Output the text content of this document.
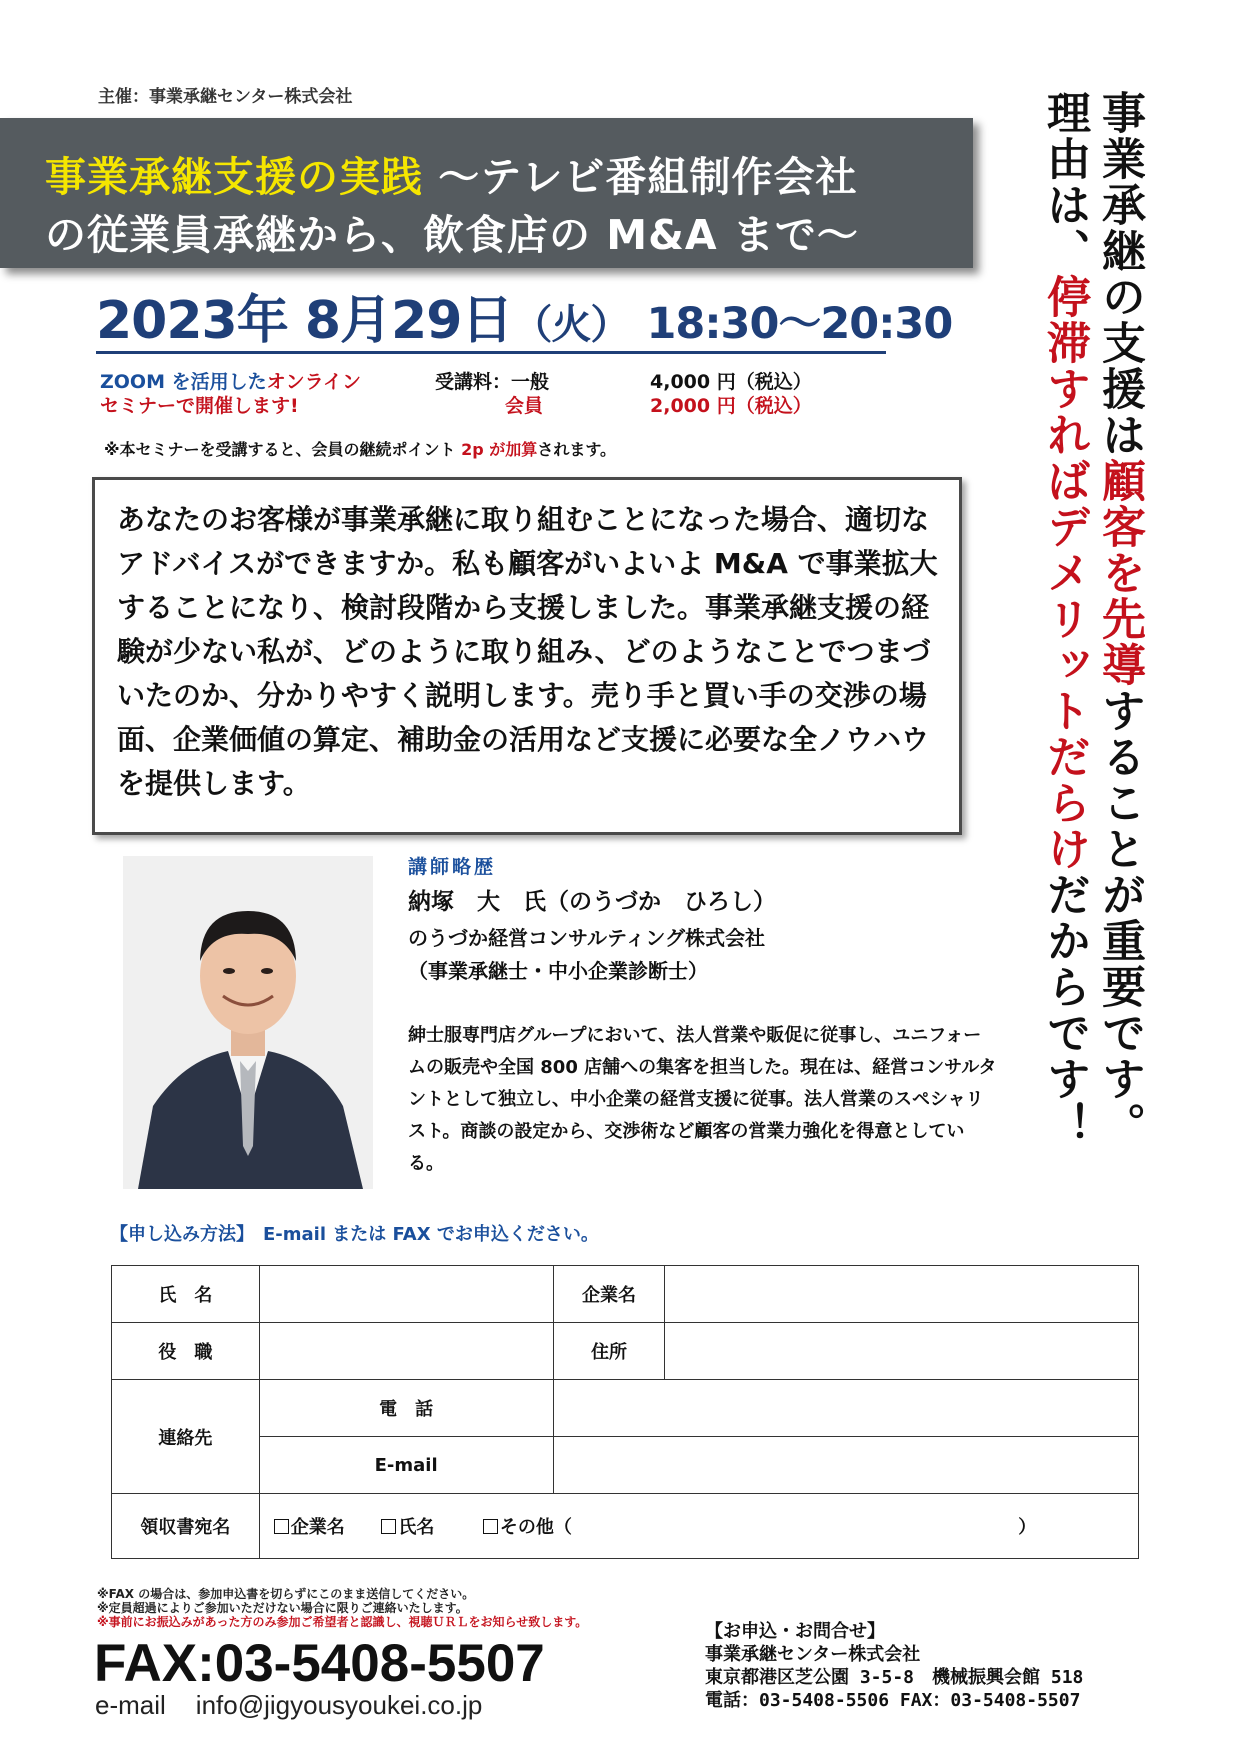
主催：事業承継センター株式会社
事業承継支援の実践 ～テレビ番組制作会社
の従業員承継から、飲食店の M&A まで～
2023年 8月29日（火） 18:30～20:30
ZOOM を活用したオンライン
セミナーで開催します!
受講料：一般	4,000 円（税込）
会員	2,000 円（税込）
※本セミナーを受講すると、会員の継続ポイント 2p が加算されます。

あなたのお客様が事業承継に取り組むことになった場合、適切なアドバイスができますか。私も顧客がいよいよ M&A で事業拡大することになり、検討段階から支援しました。事業承継支援の経験が少ない私が、どのように取り組み、どのようなことでつまづいたのか、分かりやすく説明します。売り手と買い手の交渉の場面、企業価値の算定、補助金の活用など支援に必要な全ノウハウを提供します。

事業承継の支援は顧客を先導することが重要です。
理由は、停滞すればデメリットだらけだからです！
講師略歴
納塚　大　氏（のうづか　ひろし）
のうづか経営コンサルティング株式会社
（事業承継士・中小企業診断士）
紳士服専門店グループにおいて、法人営業や販促に従事し、ユニフォームの販売や全国 800 店舗への集客を担当した。現在は、経営コンサルタントとして独立し、中小企業の経営支援に従事。法人営業のスペシャリスト。商談の設定から、交渉術など顧客の営業力強化を得意としている。
【申し込み方法】　E-mail または FAX でお申込ください。
氏　名		企業名	
役　職		住所	
連絡先	電　話		
	E-mail		
領収書宛名	企業名 氏名 その他（ ）		
※FAX の場合は、参加申込書を切らずにこのまま送信してください。
※定員超過によりご参加いただけない場合に限りご連絡いたします。
※事前にお振込みがあった方のみ参加ご希望者と認識し、視聴ＵＲＬをお知らせ致します。
FAX:03-5408-5507
e-mail info@jigyousyoukei.co.jp
【お申込・お問合せ】
事業承継センター株式会社
東京都港区芝公園 3-5-8　機械振興会館 518
電話：03-5408-5506 FAX：03-5408-5507
